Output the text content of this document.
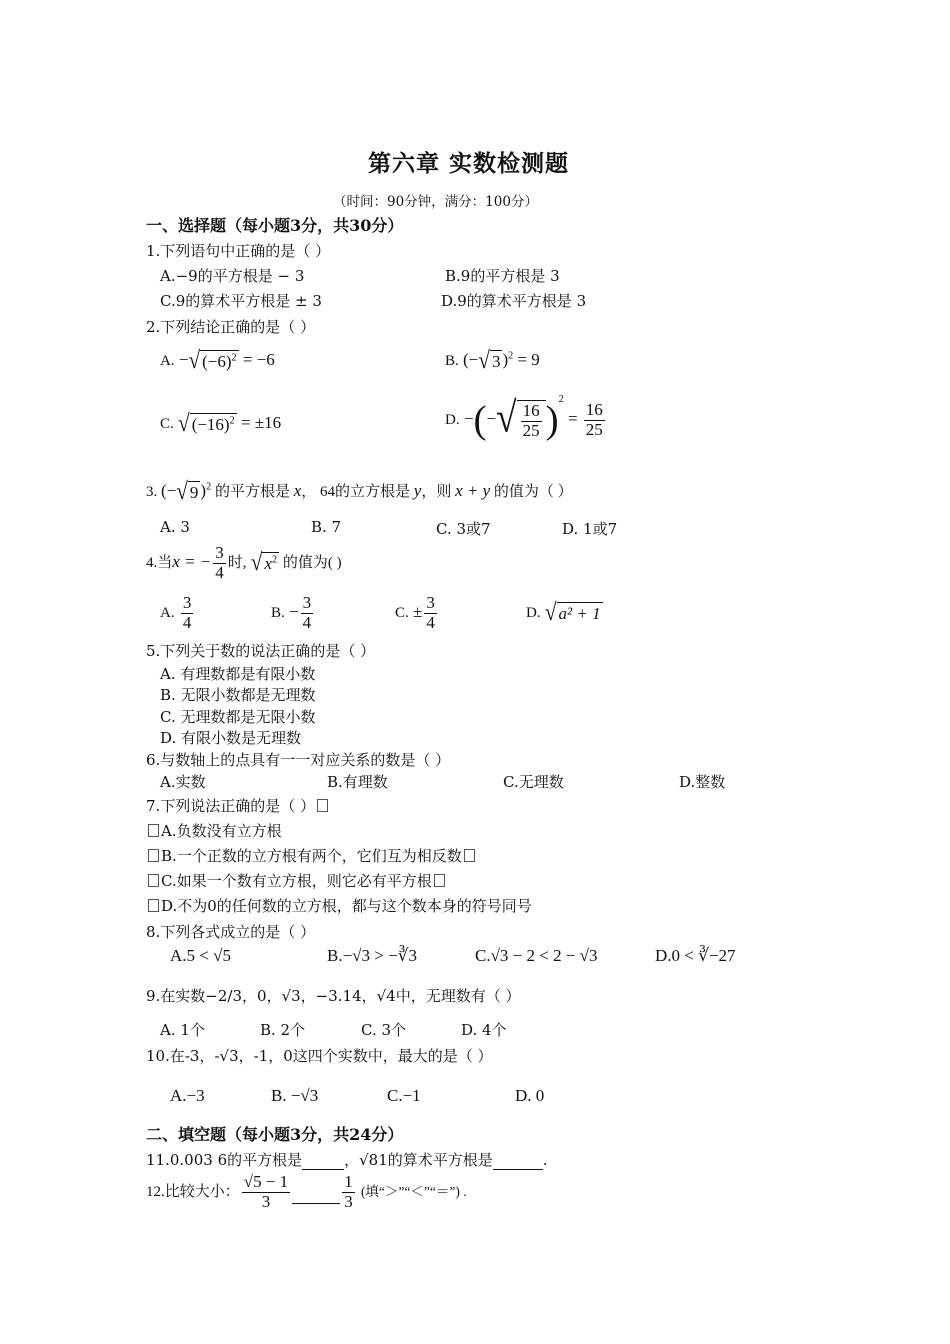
第六章 实数检测题
（时间：90分钟，满分：100分）
一、选择题（每小题3分，共30分）
1.下列语句中正确的是（ ）
A.−9的平方根是 − 3	B.9的平方根是 3
C.9的算术平方根是 ± 3	D.9的算术平方根是 3
2.下列结论正确的是（ ）
A. − √ $(-6)^2 = -6$	B. (− √ 3 )$^2$ = 9
C. √ $(-16)^2 = \pm 16$	D. −(− √ $\frac{16}{25} )^2 = \frac{16}{25}$
3. (− √ 9 )$^2$ 的平方根是 x， 64的立方根是 y，则 x + y 的值为（ ）
A. 3	B. 7	C. 3或7	D. 1或7
4.当x = − $\frac{3}{4}$ 时, √ $x^2$ 的值为( )
A. $\frac{3}{4}$	B. − $\frac{3}{4}$	C. ± $\frac{3}{4}$	D. √ a² + 1
5.下列关于数的说法正确的是（ ）
A. 有理数都是有限小数
B. 无限小数都是无理数
C. 无理数都是无限小数
D. 有限小数是无理数
6.与数轴上的点具有一一对应关系的数是（ ）
A.实数	B.有理数	C.无理数	D.整数
7.下列说法正确的是（ ）
A.负数没有立方根
B.一个正数的立方根有两个，它们互为相反数
C.如果一个数有立方根，则它必有平方根
D.不为0的任何数的立方根，都与这个数本身的符号同号
8.下列各式成立的是（ ）
A.5 < √5	B.−√3 > −∛3	C.√3 − 2 < 2 − √3	D.0 < ∛−27
9.在实数−2/3，0，√3，−3.14，√4中，无理数有（ ）
A. 1个	B. 2个	C. 3个	D. 4个
10.在-3，-√3，-1，0这四个实数中，最大的是（ ）
A.−3	B. −√3	C.−1	D. 0
二、填空题（每小题3分，共24分）
11.0.003 6的平方根是	，√81的算术平方根是	.
12.比较大小： $\frac{√5 - 1}{3}$
	$\frac{1}{3}$ (填“＞”“＜”“＝”) .
